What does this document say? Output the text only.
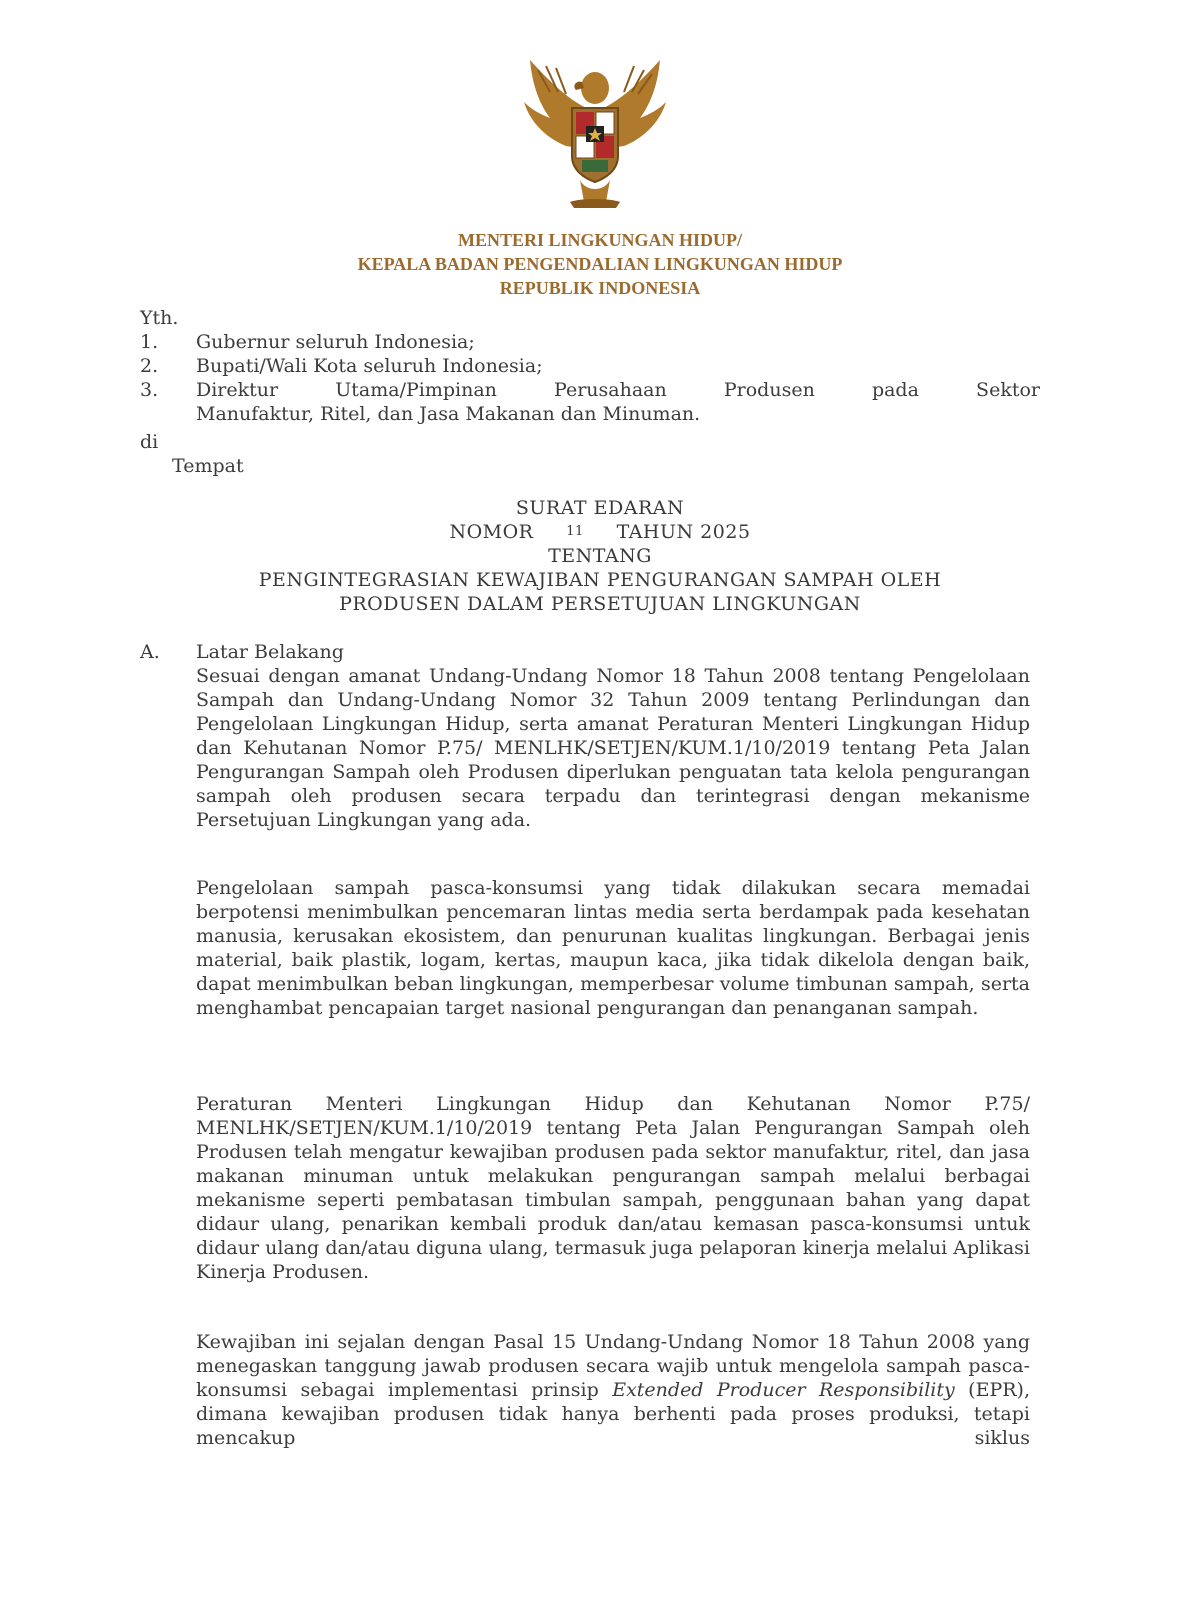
MENTERI LINGKUNGAN HIDUP/
KEPALA BADAN PENGENDALIAN LINGKUNGAN HIDUP
REPUBLIK INDONESIA
Yth.
1.	Gubernur seluruh Indonesia;
2.	Bupati/Wali Kota seluruh Indonesia;
3.	Direktur Utama/Pimpinan Perusahaan Produsen pada Sektor
Manufaktur, Ritel, dan Jasa Makanan dan Minuman.
di
Tempat
SURAT EDARAN
NOMOR	11 TAHUN 2025
TENTANG
PENGINTEGRASIAN KEWAJIBAN PENGURANGAN SAMPAH OLEH
PRODUSEN DALAM PERSETUJUAN LINGKUNGAN
A.	Latar Belakang
Sesuai dengan amanat Undang-Undang Nomor 18 Tahun 2008 tentang Pengelolaan Sampah dan Undang-Undang Nomor 32 Tahun 2009 tentang Perlindungan dan Pengelolaan Lingkungan Hidup, serta amanat Peraturan Menteri Lingkungan Hidup dan Kehutanan Nomor P.75/ MENLHK/SETJEN/KUM.1/10/2019 tentang Peta Jalan Pengurangan Sampah oleh Produsen diperlukan penguatan tata kelola pengurangan sampah oleh produsen secara terpadu dan terintegrasi dengan mekanisme Persetujuan Lingkungan yang ada.
Pengelolaan sampah pasca-konsumsi yang tidak dilakukan secara memadai berpotensi menimbulkan pencemaran lintas media serta berdampak pada kesehatan manusia, kerusakan ekosistem, dan penurunan kualitas lingkungan. Berbagai jenis material, baik plastik, logam, kertas, maupun kaca, jika tidak dikelola dengan baik, dapat menimbulkan beban lingkungan, memperbesar volume timbunan sampah, serta menghambat pencapaian target nasional pengurangan dan penanganan sampah.
Peraturan Menteri Lingkungan Hidup dan Kehutanan Nomor P.75/ MENLHK/SETJEN/KUM.1/10/2019 tentang Peta Jalan Pengurangan Sampah oleh Produsen telah mengatur kewajiban produsen pada sektor manufaktur, ritel, dan jasa makanan minuman untuk melakukan pengurangan sampah melalui berbagai mekanisme seperti pembatasan timbulan sampah, penggunaan bahan yang dapat didaur ulang, penarikan kembali produk dan/atau kemasan pasca-konsumsi untuk didaur ulang dan/atau diguna ulang, termasuk juga pelaporan kinerja melalui Aplikasi Kinerja Produsen.
Kewajiban ini sejalan dengan Pasal 15 Undang-Undang Nomor 18 Tahun 2008 yang menegaskan tanggung jawab produsen secara wajib untuk mengelola sampah pasca-konsumsi sebagai implementasi prinsip Extended Producer Responsibility (EPR), dimana kewajiban produsen tidak hanya berhenti pada proses produksi, tetapi mencakup siklus
